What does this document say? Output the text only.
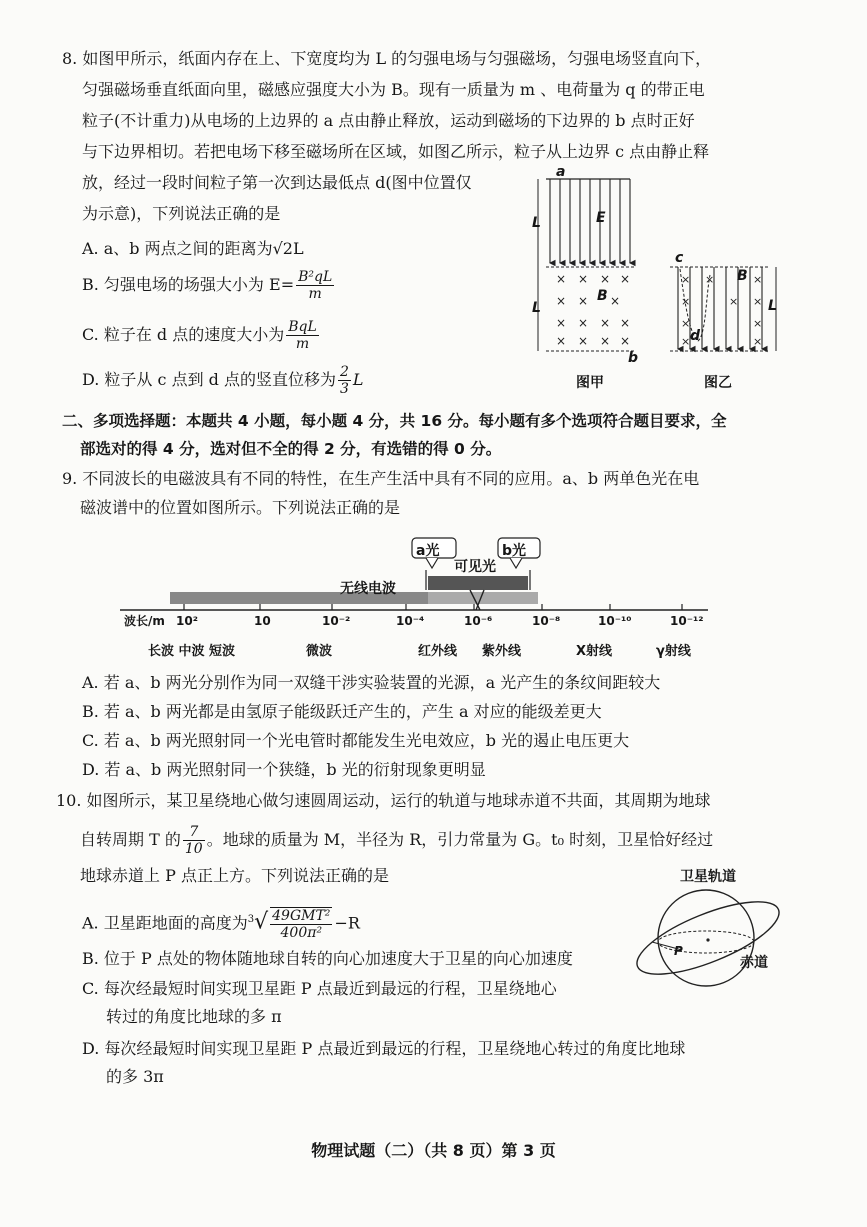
8. 如图甲所示，纸面内存在上、下宽度均为 L 的匀强电场与匀强磁场，匀强电场竖直向下，
匀强磁场垂直纸面向里，磁感应强度大小为 B。现有一质量为 m 、电荷量为 q 的带正电
粒子(不计重力)从电场的上边界的 a 点由静止释放，运动到磁场的下边界的 b 点时正好
与下边界相切。若把电场下移至磁场所在区域，如图乙所示，粒子从上边界 c 点由静止释
放，经过一段时间粒子第一次到达最低点 d(图中位置仅
为示意)，下列说法正确的是
A. a、b 两点之间的距离为√2L
B. 匀强电场的场强大小为 $E= \frac{\text{B²qL}}{m}$
C. 粒子在 d 点的速度大小为 $\frac{\text{BqL}}{m}$
D. 粒子从 c 点到 d 点的竖直位移为 $\frac{2}{3}$ L
× × × ×
× × ×
× × × ×
× × × ×
× ×	×
×	× ×
×	×
×	×
a
L	E
L
B
b
c
B
d
L
图甲	图乙
二、多项选择题：本题共 4 小题，每小题 4 分，共 16 分。每小题有多个选项符合题目要求，全
部选对的得 4 分，选对但不全的得 2 分，有选错的得 0 分。
9. 不同波长的电磁波具有不同的特性，在生产生活中具有不同的应用。a、b 两单色光在电
磁波谱中的位置如图所示。下列说法正确的是
a光	b光
可见光
无线电波
波长/m 10²	10	10⁻²	10⁻⁴	10⁻⁶	10⁻⁸	10⁻¹⁰	10⁻¹²
长波 中波 短波	微波	红外线 紫外线	X射线	γ射线
A. 若 a、b 两光分别作为同一双缝干涉实验装置的光源，a 光产生的条纹间距较大
B. 若 a、b 两光都是由氢原子能级跃迁产生的，产生 a 对应的能级差更大
C. 若 a、b 两光照射同一个光电管时都能发生光电效应，b 光的遏止电压更大
D. 若 a、b 两光照射同一个狭缝，b 光的衍射现象更明显
10. 如图所示，某卫星绕地心做匀速圆周运动，运行的轨道与地球赤道不共面，其周期为地球
自转周期 T 的 $\frac{7}{10}$ 。地球的质量为 M，半径为 R，引力常量为 G。t₀ 时刻，卫星恰好经过
地球赤道上 P 点正上方。下列说法正确的是
A. 卫星距地面的高度为$^3√ \frac{\text{49GMT²}}{\text{400π²}} -R$
B. 位于 P 点处的物体随地球自转的向心加速度大于卫星的向心加速度
C. 每次经最短时间实现卫星距 P 点最近到最远的行程，卫星绕地心
转过的角度比地球的多 π
D. 每次经最短时间实现卫星距 P 点最近到最远的行程，卫星绕地心转过的角度比地球
的多 3π
卫星轨道
赤道
P
物理试题（二）（共 8 页）第 3 页
